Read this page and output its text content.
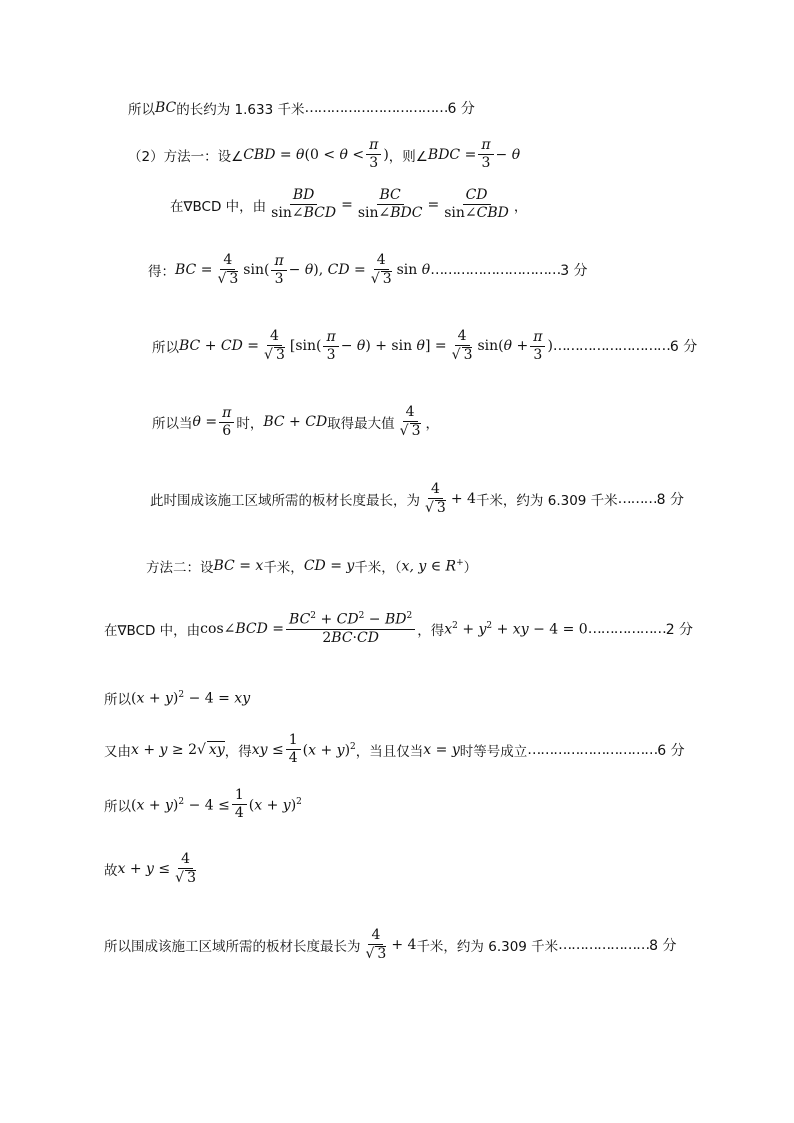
所以 BC 的长约为 1.633 千米 …………………………… 6 分
（2）方法一：设∠ CBD = $\theta(0 < \theta < \frac{\pi}{3}$ ) ，则∠ BDC = $\frac{\pi}{3} - \theta$
在∇BCD 中，由 $\frac{BD}{\text{sin∠BCD}} = \frac{BC}{\text{sin∠BDC}} = \frac{CD}{\text{sin∠CBD}}$ ，
得： BC = $\frac{4}{√ 3} \sin( \frac{\pi}{3} - \theta)$, CD = $\frac{4}{√ 3}$ sin θ ………………………… 3 分
所以 BC + CD = $\frac{4}{√ 3} [\sin( \frac{\pi}{3} - \theta) + \sin \theta] = \frac{4}{√ 3} \sin(\theta + \frac{\pi}{3}$ ) ……………………… 6 分
所以当 $\theta = \frac{\pi}{6}$ 时， BC + CD 取得最大值 $\frac{4}{√ 3}$ ，
此时围成该施工区域所需的板材长度最长，为 $\frac{4}{√ 3} + 4$ 千米，约为 6.309 千米 ……… 8 分
方法二：设 BC = x 千米， CD = y 千米，（ x, y ∈ R+ ）
在∇BCD 中，由 cos∠BCD = $\frac{BC^2 + CD^2 - BD^2}{2BC\cdot CD}$ ，得 $x^2 + y^2$ + xy − 4 = 0 ……………… 2 分
所以 $(x + y)^2 - 4$ = xy
又由 x + y ≥ 2√ xy ，得 xy ≤ $\frac{1}{4} (x + y)^2$ ，当且仅当 x = y 时等号成立 ………………………… 6 分
所以 $(x + y)^2 - 4 \le \frac{1}{4} (x + y)^2$
故 $x + y \le \frac{4}{√ 3}$
所以围成该施工区域所需的板材长度最长为 $\frac{4}{√ 3} + 4$ 千米，约为 6.309 千米 ………………… 8 分
